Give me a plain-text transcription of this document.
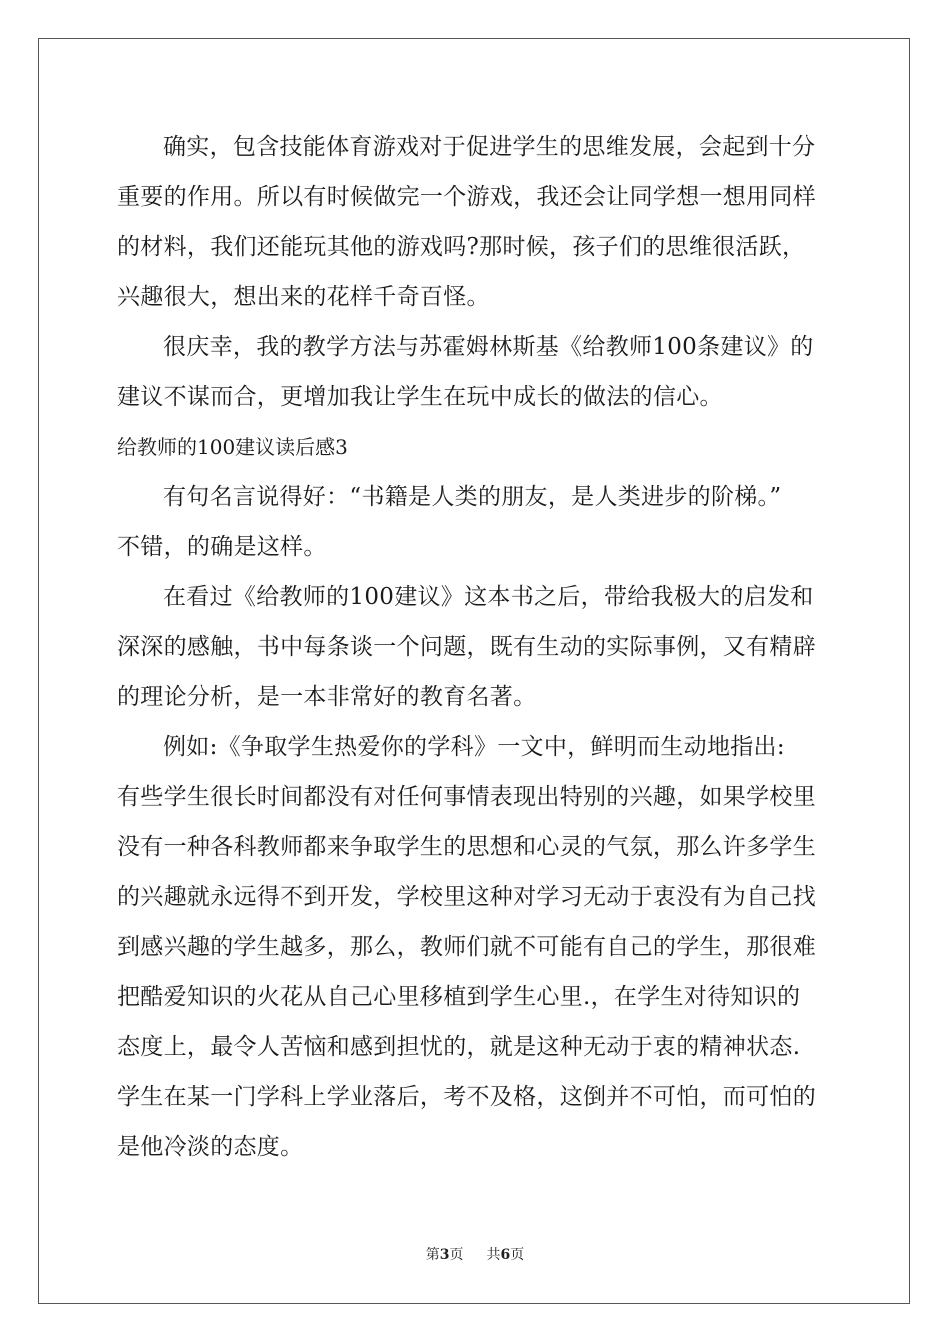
确实，包含技能体育游戏对于促进学生的思维发展，会起到十分
重要的作用。所以有时候做完一个游戏，我还会让同学想一想用同样
的材料，我们还能玩其他的游戏吗?那时候，孩子们的思维很活跃，
兴趣很大，想出来的花样千奇百怪。
很庆幸，我的教学方法与苏霍姆林斯基《给教师100条建议》的
建议不谋而合，更增加我让学生在玩中成长的做法的信心。
给教师的100建议读后感3
有句名言说得好：“书籍是人类的朋友，是人类进步的阶梯。”
不错，的确是这样。
在看过《给教师的100建议》这本书之后，带给我极大的启发和
深深的感触，书中每条谈一个问题，既有生动的实际事例，又有精辟
的理论分析，是一本非常好的教育名著。
例如:《争取学生热爱你的学科》一文中，鲜明而生动地指出:
有些学生很长时间都没有对任何事情表现出特别的兴趣，如果学校里
没有一种各科教师都来争取学生的思想和心灵的气氛，那么许多学生
的兴趣就永远得不到开发，学校里这种对学习无动于衷没有为自己找
到感兴趣的学生越多，那么，教师们就不可能有自己的学生，那很难
把酷爱知识的火花从自己心里移植到学生心里.，在学生对待知识的
态度上，最令人苦恼和感到担忧的，就是这种无动于衷的精神状态.
学生在某一门学科上学业落后，考不及格，这倒并不可怕，而可怕的
是他冷淡的态度。
第3页 共6页
